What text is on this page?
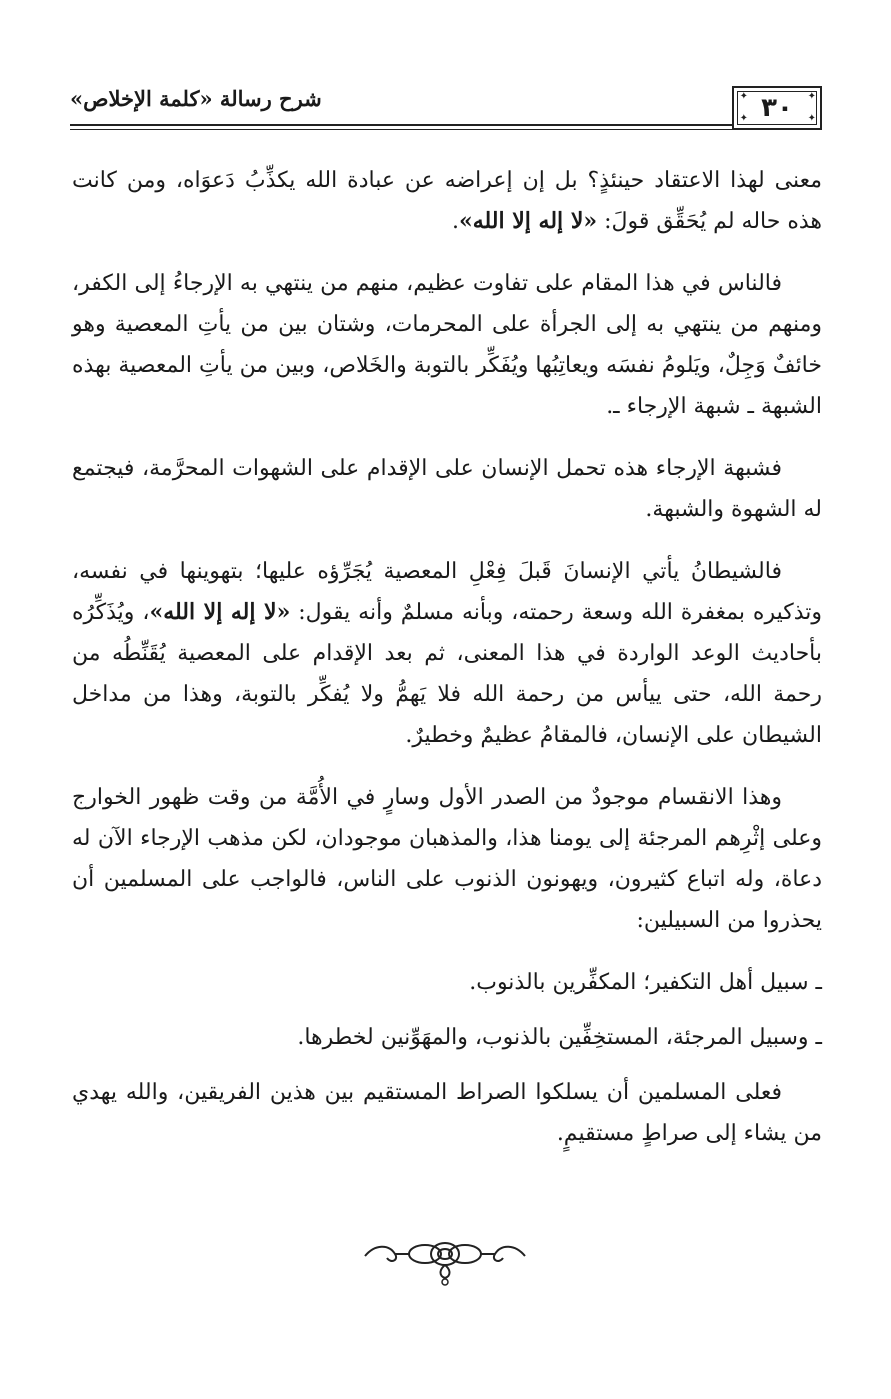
✦	✦
✦	✦
٣٠
شرح رسالة «كلمة الإخلاص»

معنى لهذا الاعتقاد حينئذٍ؟ بل إن إعراضه عن عبادة الله يكذِّبُ دَعوَاه، ومن كانت هذه حاله لم يُحَقِّق قولَ: «لا إله إلا الله».

فالناس في هذا المقام على تفاوت عظيم، منهم من ينتهي به الإرجاءُ إلى الكفر، ومنهم من ينتهي به إلى الجرأة على المحرمات، وشتان بين من يأتِ المعصية وهو خائفٌ وَجِلٌ، ويَلومُ نفسَه ويعاتِبُها ويُفَكِّر بالتوبة والخَلاص، وبين من يأتِ المعصية بهذه الشبهة ـ شبهة الإرجاء ـ.

فشبهة الإرجاء هذه تحمل الإنسان على الإقدام على الشهوات المحرَّمة، فيجتمع له الشهوة والشبهة.

فالشيطانُ يأتي الإنسانَ قَبلَ فِعْلِ المعصية يُجَرِّؤه عليها؛ بتهوينها في نفسه، وتذكيره بمغفرة الله وسعة رحمته، وبأنه مسلمٌ وأنه يقول: «لا إله إلا الله»، ويُذَكِّرُه بأحاديث الوعد الواردة في هذا المعنى، ثم بعد الإقدام على المعصية يُقَنِّطُه من رحمة الله، حتى ييأس من رحمة الله فلا يَهمُّ ولا يُفكِّر بالتوبة، وهذا من مداخل الشيطان على الإنسان، فالمقامُ عظيمٌ وخطيرٌ.

وهذا الانقسام موجودٌ من الصدر الأول وسارٍ في الأُمَّة من وقت ظهور الخوارج وعلى إثْرِهم المرجئة إلى يومنا هذا، والمذهبان موجودان، لكن مذهب الإرجاء الآن له دعاة، وله اتباع كثيرون، ويهونون الذنوب على الناس، فالواجب على المسلمين أن يحذروا من السبيلين:

ـ سبيل أهل التكفير؛ المكفِّرين بالذنوب.

ـ وسبيل المرجئة، المستخِفِّين بالذنوب، والمهَوِّنين لخطرها.

فعلى المسلمين أن يسلكوا الصراط المستقيم بين هذين الفريقين، والله يهدي من يشاء إلى صراطٍ مستقيمٍ.
